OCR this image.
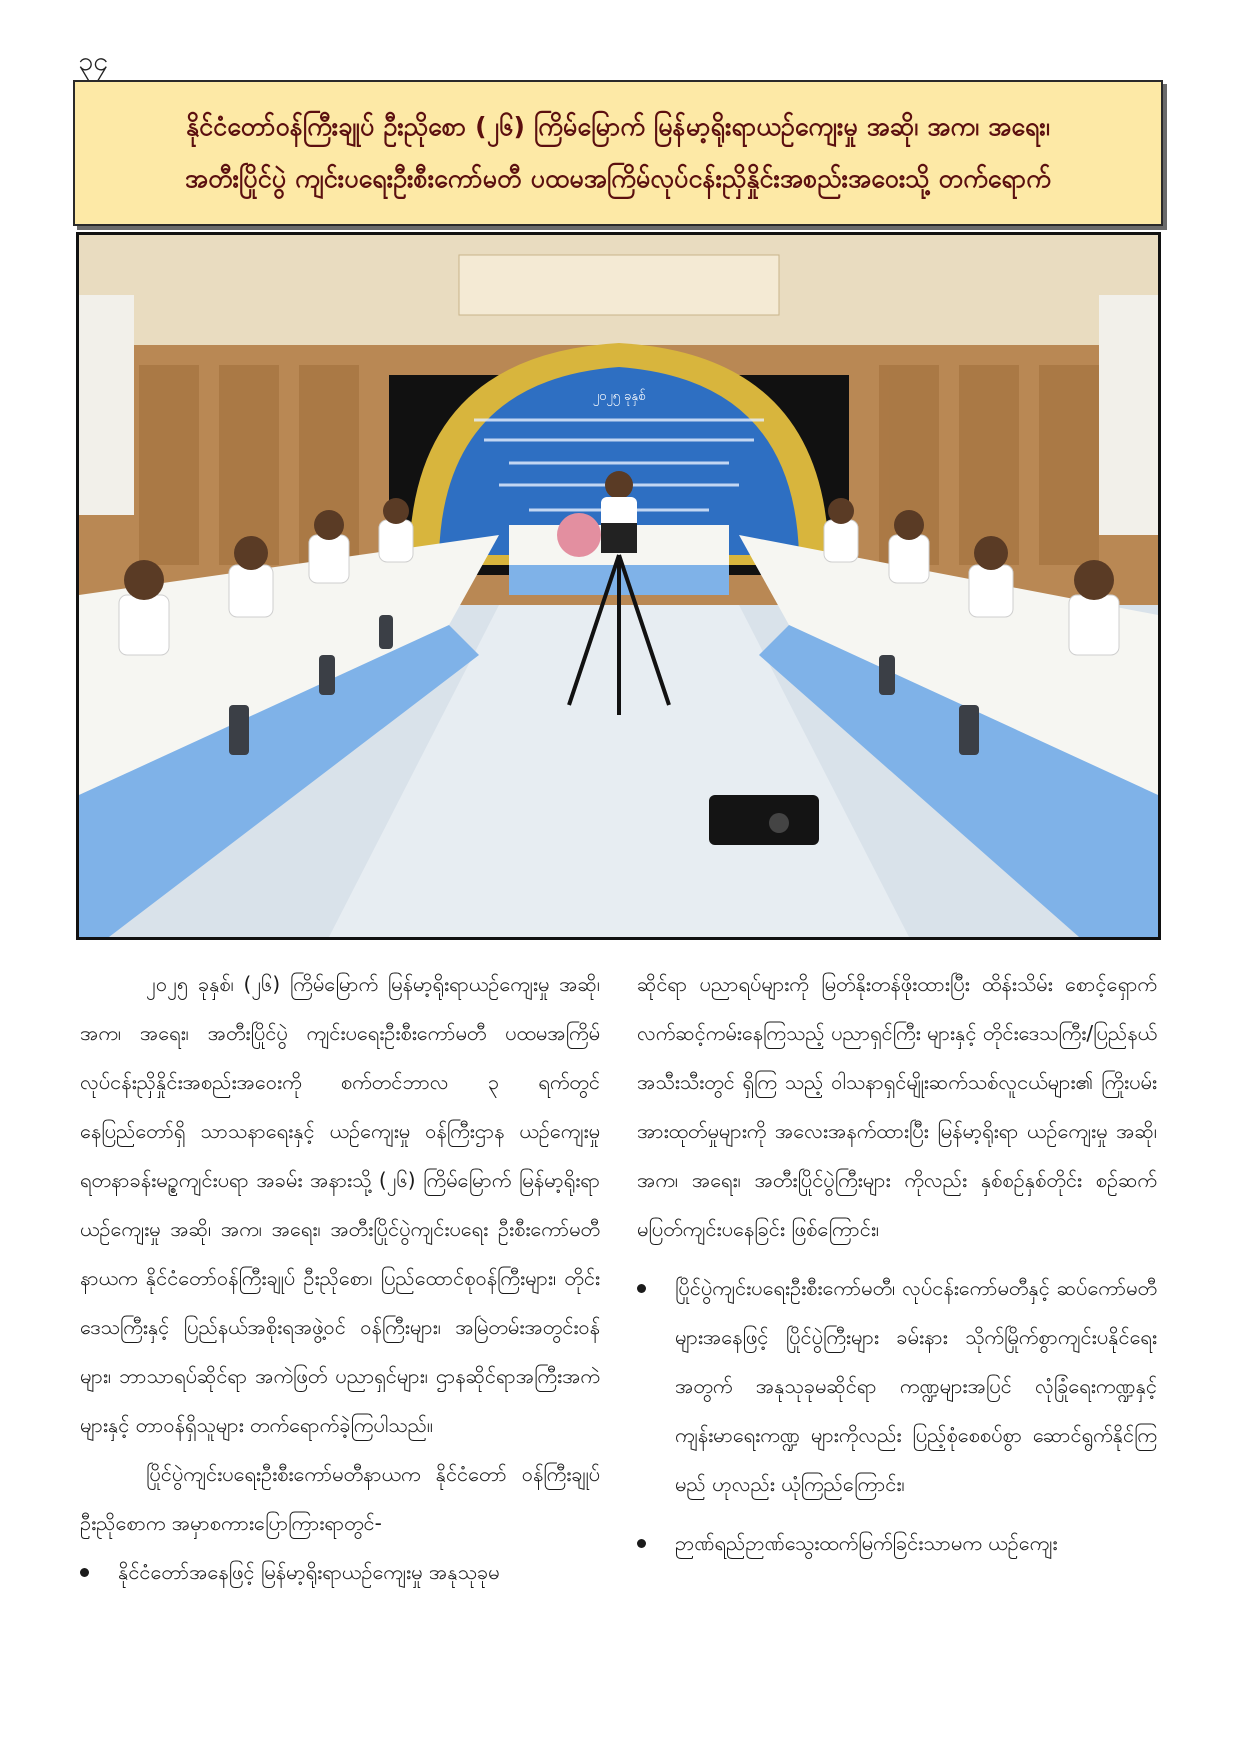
၃၄
နိုင်ငံတော်ဝန်ကြီးချုပ် ဦးညိုစော (၂၆) ကြိမ်မြောက် မြန်မာ့ရိုးရာယဉ်ကျေးမှု အဆို၊ အက၊ အရေး၊
အတီးပြိုင်ပွဲ ကျင်းပရေးဦးစီးကော်မတီ ပထမအကြိမ်လုပ်ငန်းညှိနှိုင်းအစည်းအဝေးသို့ တက်ရောက်
၂၀၂၅ ခုနှစ်

၂၀၂၅ ခုနှစ်၊ (၂၆) ကြိမ်မြောက် မြန်မာ့ရိုးရာယဉ်ကျေးမှု အဆို၊ အက၊ အရေး၊ အတီးပြိုင်ပွဲ ကျင်းပရေးဦးစီးကော်မတီ ပထမအကြိမ် လုပ်ငန်းညှိနှိုင်းအစည်းအဝေးကို စက်တင်ဘာလ ၃ ရက်တွင် နေပြည်တော်ရှိ သာသနာရေးနှင့် ယဉ်ကျေးမှု ဝန်ကြီးဌာန ယဉ်ကျေးမှုရတနာခန်းမဥ္စကျင်းပရာ အခမ်း အနားသို့ (၂၆) ကြိမ်မြောက် မြန်မာ့ရိုးရာယဉ်ကျေးမှု အဆို၊ အက၊ အရေး၊ အတီးပြိုင်ပွဲကျင်းပရေး ဦးစီးကော်မတီနာယက နိုင်ငံတော်ဝန်ကြီးချုပ် ဦးညိုစော၊ ပြည်ထောင်စုဝန်ကြီးများ၊ တိုင်းဒေသကြီးနှင့် ပြည်နယ်အစိုးရအဖွဲ့ဝင် ဝန်ကြီးများ၊ အမြဲတမ်းအတွင်းဝန်များ၊ ဘာသာရပ်ဆိုင်ရာ အကဲဖြတ် ပညာရှင်များ၊ ဌာနဆိုင်ရာအကြီးအကဲများနှင့် တာဝန်ရှိသူများ တက်ရောက်ခဲ့ကြပါသည်။

ပြိုင်ပွဲကျင်းပရေးဦးစီးကော်မတီနာယက နိုင်ငံတော် ဝန်ကြီးချုပ် ဦးညိုစောက အမှာစကားပြောကြားရာတွင်-

နိုင်ငံတော်အနေဖြင့် မြန်မာ့ရိုးရာယဉ်ကျေးမှု အနုသုခုမ

ဆိုင်ရာ ပညာရပ်များကို မြတ်နိုးတန်ဖိုးထားပြီး ထိန်းသိမ်း စောင့်ရှောက်လက်ဆင့်ကမ်းနေကြသည့် ပညာရှင်ကြီး များနှင့် တိုင်းဒေသကြီး/ပြည်နယ်အသီးသီးတွင် ရှိကြ သည့် ဝါသနာရှင်မျိုးဆက်သစ်လူငယ်များ၏ ကြိုးပမ်း အားထုတ်မှုများကို အလေးအနက်ထားပြီး မြန်မာ့ရိုးရာ ယဉ်ကျေးမှု အဆို၊ အက၊ အရေး၊ အတီးပြိုင်ပွဲကြီးများ ကိုလည်း နှစ်စဉ်နှစ်တိုင်း စဉ်ဆက်မပြတ်ကျင်းပနေခြင်း ဖြစ်ကြောင်း၊

ပြိုင်ပွဲကျင်းပရေးဦးစီးကော်မတီ၊ လုပ်ငန်းကော်မတီနှင့် ဆပ်ကော်မတီများအနေဖြင့် ပြိုင်ပွဲကြီးများ ခမ်းနား သိုက်မြိုက်စွာကျင်းပနိုင်ရေးအတွက် အနုသုခုမဆိုင်ရာ ကဏ္ဍများအပြင် လုံခြုံရေးကဏ္ဍနှင့် ကျန်းမာရေးကဏ္ဍ များကိုလည်း ပြည့်စုံစေစပ်စွာ ဆောင်ရွက်နိုင်ကြမည် ဟုလည်း ယုံကြည်ကြောင်း၊

ဉာဏ်ရည်ဉာဏ်သွေးထက်မြက်ခြင်းသာမက ယဉ်ကျေး
